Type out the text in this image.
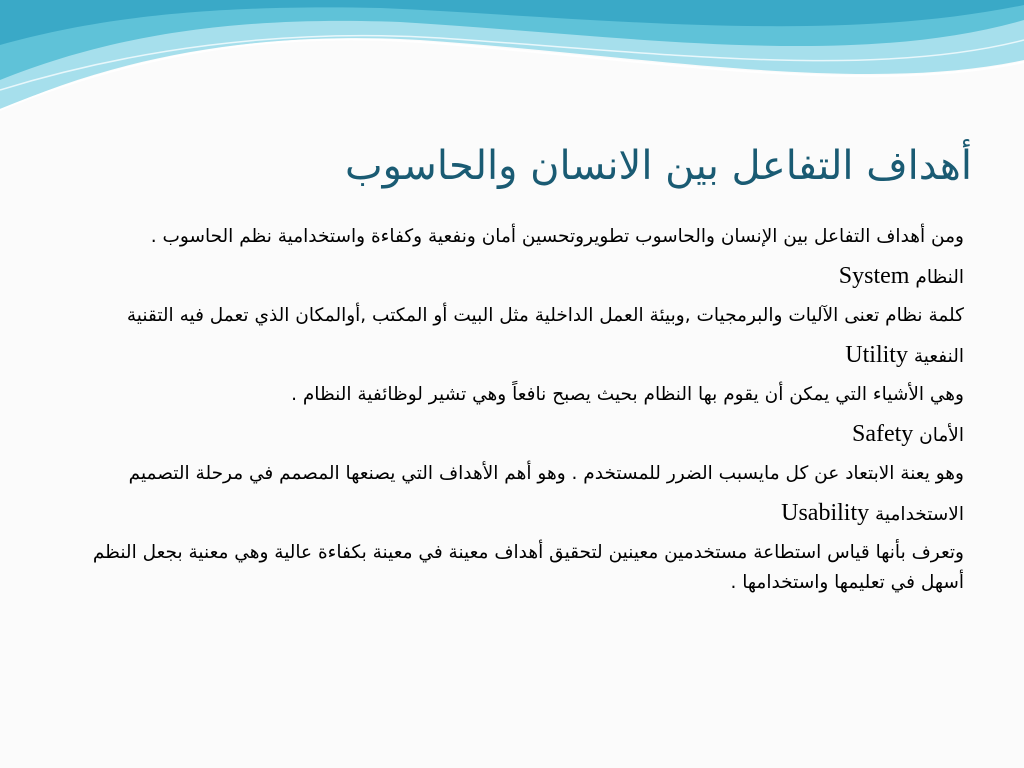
أهداف التفاعل بين الانسان والحاسوب

ومن أهداف التفاعل بين الإنسان والحاسوب تطويروتحسين أمان ونفعية وكفاءة واستخدامية نظم الحاسوب .

النظام System

كلمة نظام تعنى الآليات والبرمجيات ,وبيئة العمل الداخلية مثل البيت أو المكتب ,أوالمكان الذي تعمل فيه التقنية

النفعية Utility

وهي الأشياء التي يمكن أن يقوم بها النظام بحيث يصبح نافعاً وهي تشير لوظائفية النظام .

الأمان Safety

وهو يعنة الابتعاد عن كل مايسبب الضرر للمستخدم . وهو أهم الأهداف التي يصنعها المصمم في مرحلة التصميم

الاستخدامية Usability

وتعرف بأنها قياس استطاعة مستخدمين معينين لتحقيق أهداف معينة في معينة بكفاءة عالية وهي معنية بجعل النظم أسهل في تعليمها واستخدامها .
